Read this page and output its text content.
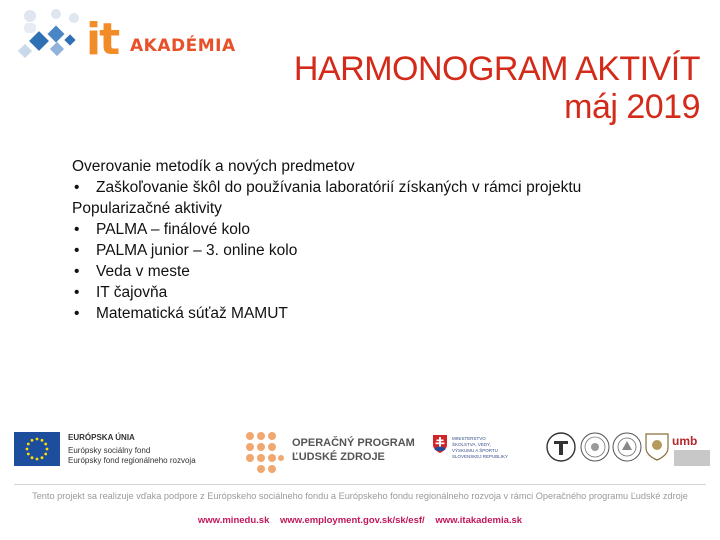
it AKADÉMIA
HARMONOGRAM AKTIVÍT
máj 2019
Overovanie metodík a nových predmetov
• Zaškoľovanie škôl do používania laboratórií získaných v rámci projektu
Popularizačné aktivity
• PALMA – finálové kolo
• PALMA junior – 3. online kolo
• Veda v meste
• IT čajovňa
• Matematická súťaž MAMUT
EURÓPSKA ÚNIA
Európsky sociálny fond
Európsky fond regionálneho rozvoja
OPERAČNÝ PROGRAM
ĽUDSKÉ ZDROJE
MINISTERSTVO
ŠKOLSTVA, VEDY,
VÝSKUMU A ŠPORTU
SLOVENSKEJ REPUBLIKY
umb
Tento projekt sa realizuje vďaka podpore z Európskeho sociálneho fondu a Európskeho fondu regionálneho rozvoja v rámci Operačného programu Ľudské zdroje
www.minedu.sk www.employment.gov.sk/sk/esf/ www.itakademia.sk
